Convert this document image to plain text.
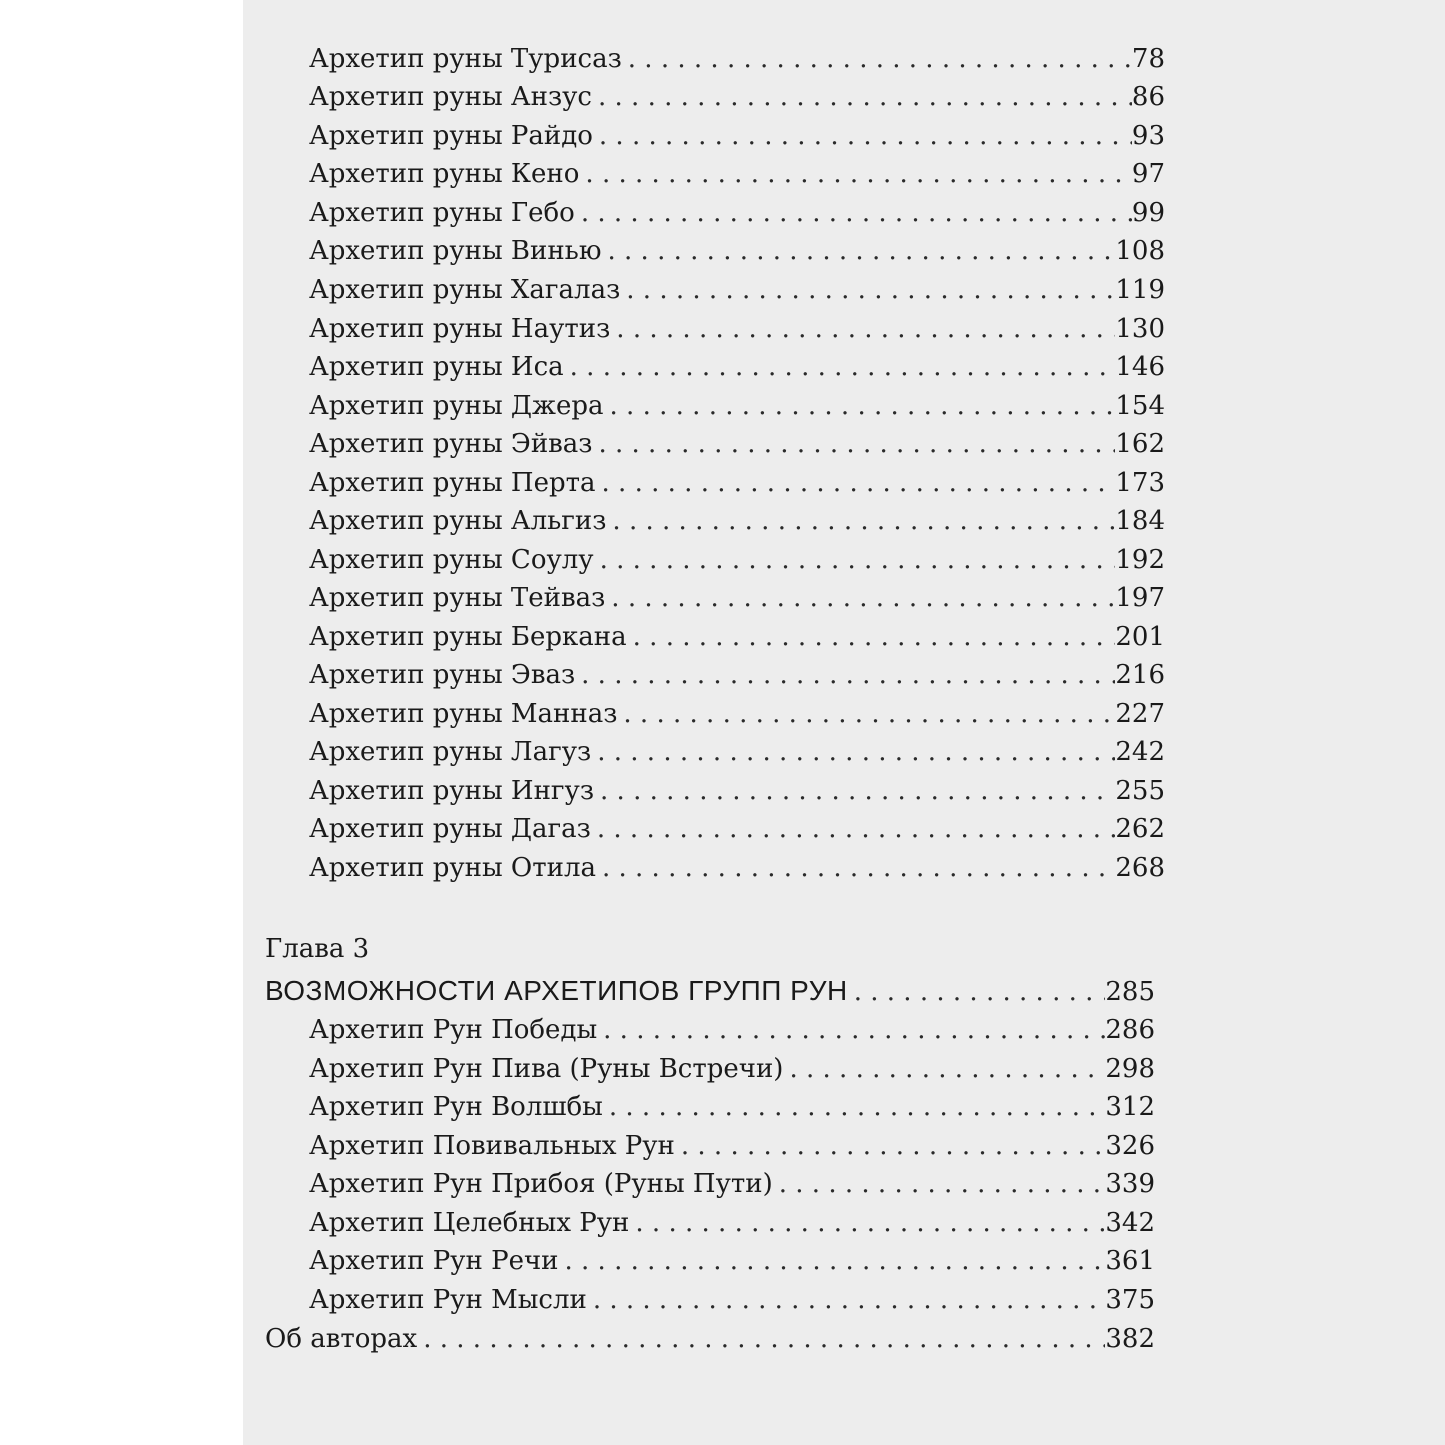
Архетип руны Турисаз . . .	78
Архетип руны Анзус . . .	86
Архетип руны Райдо . . .	93
Архетип руны Кено . . .	97
Архетип руны Гебо . . .	99
Архетип руны Винью . . .	108
Архетип руны Хагалаз . . .	119
Архетип руны Наутиз . . .	130
Архетип руны Иса . . .	146
Архетип руны Джера . . .	154
Архетип руны Эйваз . . .	162
Архетип руны Перта . . .	173
Архетип руны Альгиз . . .	184
Архетип руны Соулу . . .	192
Архетип руны Тейваз . . .	197
Архетип руны Беркана . . .	201
Архетип руны Эваз . . .	216
Архетип руны Манназ . . .	227
Архетип руны Лагуз . . .	242
Архетип руны Ингуз . . .	255
Архетип руны Дагаз . . .	262
Архетип руны Отила . . .	268
Глава 3
ВОЗМОЖНОСТИ АРХЕТИПОВ ГРУПП РУН . . .	285
Архетип Рун Победы . . .	286
Архетип Рун Пива (Руны Встречи) . . .	298
Архетип Рун Волшбы . . .	312
Архетип Повивальных Рун . . .	326
Архетип Рун Прибоя (Руны Пути) . . .	339
Архетип Целебных Рун . . .	342
Архетип Рун Речи . . .	361
Архетип Рун Мысли . . .	375
Об авторах . . .	382
